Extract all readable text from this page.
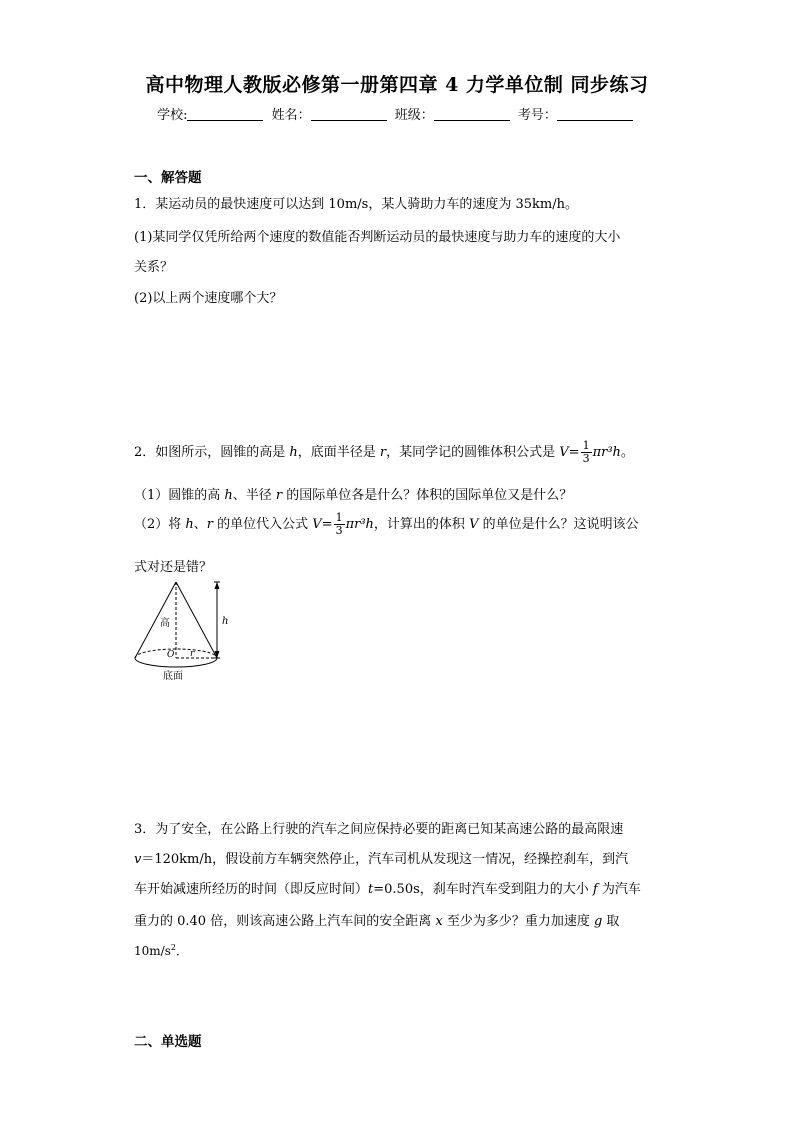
高中物理人教版必修第一册第四章 4 力学单位制 同步练习
学校:	姓名：	班级：	考号：
一、解答题
1．某运动员的最快速度可以达到 10m/s，某人骑助力车的速度为 35km/h。
(1)某同学仅凭所给两个速度的数值能否判断运动员的最快速度与助力车的速度的大小
关系？
(2)以上两个速度哪个大？
2．如图所示，圆锥的高是 h，底面半径是 r，某同学记的圆锥体积公式是 $V= \frac{1}{3} \pi r^3h$。
（1）圆锥的高 h、半径 r 的国际单位各是什么？体积的国际单位又是什么？
（2）将 h、r 的单位代入公式 $V= \frac{1}{3} \pi r^3h$，计算出的体积 V 的单位是什么？这说明该公
式对还是错？
高	h
O r
底面
3．为了安全，在公路上行驶的汽车之间应保持必要的距离已知某高速公路的最高限速
v＝120km/h，假设前方车辆突然停止，汽车司机从发现这一情况，经操控刹车，到汽
车开始减速所经历的时间（即反应时间）t=0.50s，刹车时汽车受到阻力的大小 f 为汽车
重力的 0.40 倍，则该高速公路上汽车间的安全距离 x 至少为多少？重力加速度 g 取
$10m/s^2$．
二、单选题
